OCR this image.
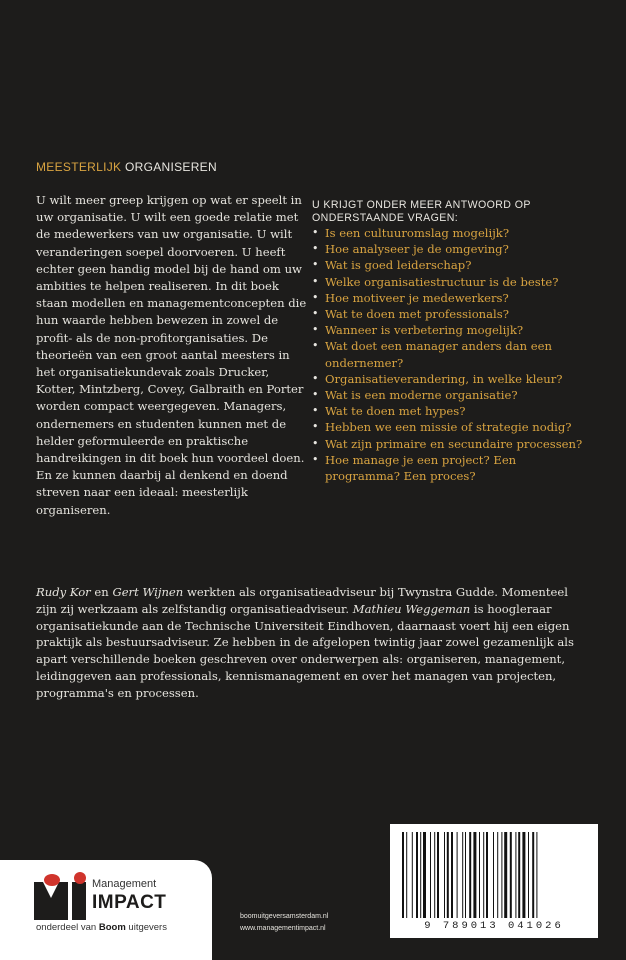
MEESTERLIJK ORGANISEREN

U wilt meer greep krijgen op wat er speelt in uw organisatie. U wilt een goede relatie met de medewerkers van uw organisatie. U wilt veranderingen soepel doorvoeren. U heeft echter geen handig model bij de hand om uw ambities te helpen realiseren. In dit boek staan modellen en managementconcepten die hun waarde hebben bewezen in zowel de profit- als de non-profitorganisaties. De theorieën van een groot aantal meesters in het organisatiekundevak zoals Drucker, Kotter, Mintzberg, Covey, Galbraith en Porter worden compact weergegeven. Managers, ondernemers en studenten kunnen met de helder geformuleerde en praktische handreikingen in dit boek hun voordeel doen. En ze kunnen daarbij al denkend en doend streven naar een ideaal: meesterlijk organiseren.

U KRIJGT ONDER MEER ANTWOORD OP ONDERSTAANDE VRAGEN:
• Is een cultuuromslag mogelijk?
• Hoe analyseer je de omgeving?
• Wat is goed leiderschap?
• Welke organisatiestructuur is de beste?
• Hoe motiveer je medewerkers?
• Wat te doen met professionals?
• Wanneer is verbetering mogelijk?
• Wat doet een manager anders dan een ondernemer?
• Organisatieverandering, in welke kleur?
• Wat is een moderne organisatie?
• Wat te doen met hypes?
• Hebben we een missie of strategie nodig?
• Wat zijn primaire en secundaire processen?
• Hoe manage je een project? Een programma? Een proces?

Rudy Kor en Gert Wijnen werkten als organisatieadviseur bij Twynstra Gudde. Momenteel zijn zij werkzaam als zelfstandig organisatieadviseur. Mathieu Weggeman is hoogleraar organisatiekunde aan de Technische Universiteit Eindhoven, daarnaast voert hij een eigen praktijk als bestuursadviseur. Ze hebben in de afgelopen twintig jaar zowel gezamenlijk als apart verschillende boeken geschreven over onderwerpen als: organiseren, management, leidinggeven aan professionals, kennismanagement en over het managen van projecten, programma's en processen.

Management
IMPACT
onderdeel van Boom uitgevers
boomuitgeversamsterdam.nl
www.managementimpact.nl	9 789013 041026
